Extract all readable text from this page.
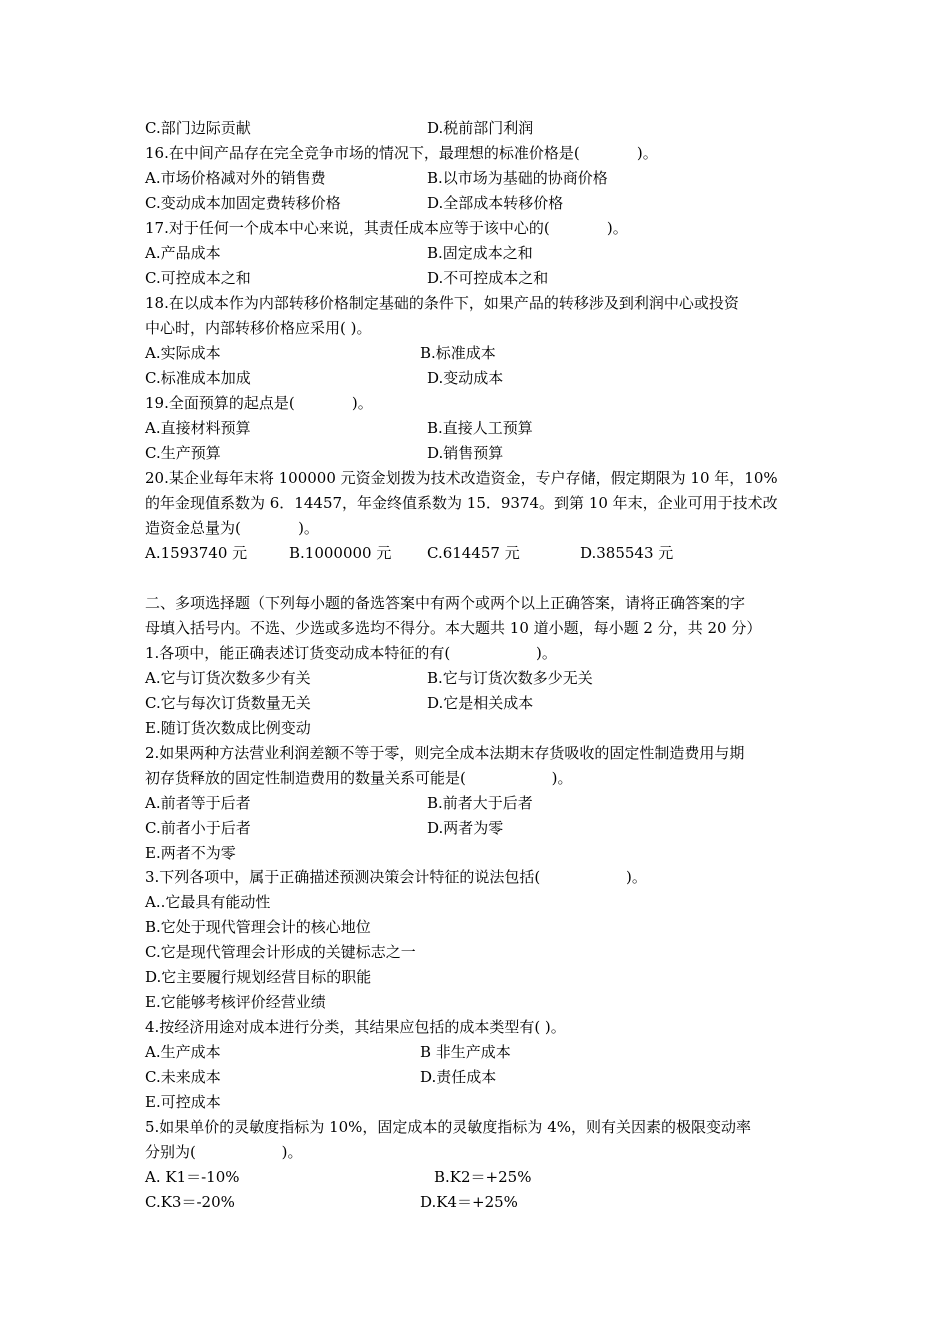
C.部门边际贡献	D.税前部门利润
16.在中间产品存在完全竞争市场的情况下，最理想的标准价格是(            )。
A.市场价格减对外的销售费	B.以市场为基础的协商价格
C.变动成本加固定费转移价格	D.全部成本转移价格
17.对于任何一个成本中心来说，其责任成本应等于该中心的(            )。
A.产品成本	B.固定成本之和
C.可控成本之和	D.不可控成本之和
18.在以成本作为内部转移价格制定基础的条件下，如果产品的转移涉及到利润中心或投资
中心时，内部转移价格应采用( )。
A.实际成本	B.标准成本
C.标准成本加成	D.变动成本
19.全面预算的起点是(            )。
A.直接材料预算	B.直接人工预算
C.生产预算	D.销售预算
20.某企业每年末将 100000 元资金划拨为技术改造资金，专户存储，假定期限为 10 年，10%
的年金现值系数为 6．14457，年金终值系数为 15．9374。到第 10 年末，企业可用于技术改
造资金总量为(            )。
A.1593740 元	B.1000000 元 C.614457 元	D.385543 元
二、多项选择题（下列每小题的备选答案中有两个或两个以上正确答案，请将正确答案的字
母填入括号内。不选、少选或多选均不得分。本大题共 10 道小题，每小题 2 分，共 20 分）
1.各项中，能正确表述订货变动成本特征的有(                  )。
A.它与订货次数多少有关	B.它与订货次数多少无关
C.它与每次订货数量无关	D.它是相关成本
E.随订货次数成比例变动
2.如果两种方法营业利润差额不等于零，则完全成本法期末存货吸收的固定性制造费用与期
初存货释放的固定性制造费用的数量关系可能是(                  )。
A.前者等于后者	B.前者大于后者
C.前者小于后者	D.两者为零
E.两者不为零
3.下列各项中，属于正确描述预测决策会计特征的说法包括(                  )。
A..它最具有能动性
B.它处于现代管理会计的核心地位
C.它是现代管理会计形成的关键标志之一
D.它主要履行规划经营目标的职能
E.它能够考核评价经营业绩
4.按经济用途对成本进行分类，其结果应包括的成本类型有( )。
A.生产成本	B 非生产成本
C.未来成本	D.责任成本
E.可控成本
5.如果单价的灵敏度指标为 10%，固定成本的灵敏度指标为 4%，则有关因素的极限变动率
分别为(                  )。
A. K1＝-10%	B.K2＝+25%
C.K3＝-20%	D.K4＝+25%
